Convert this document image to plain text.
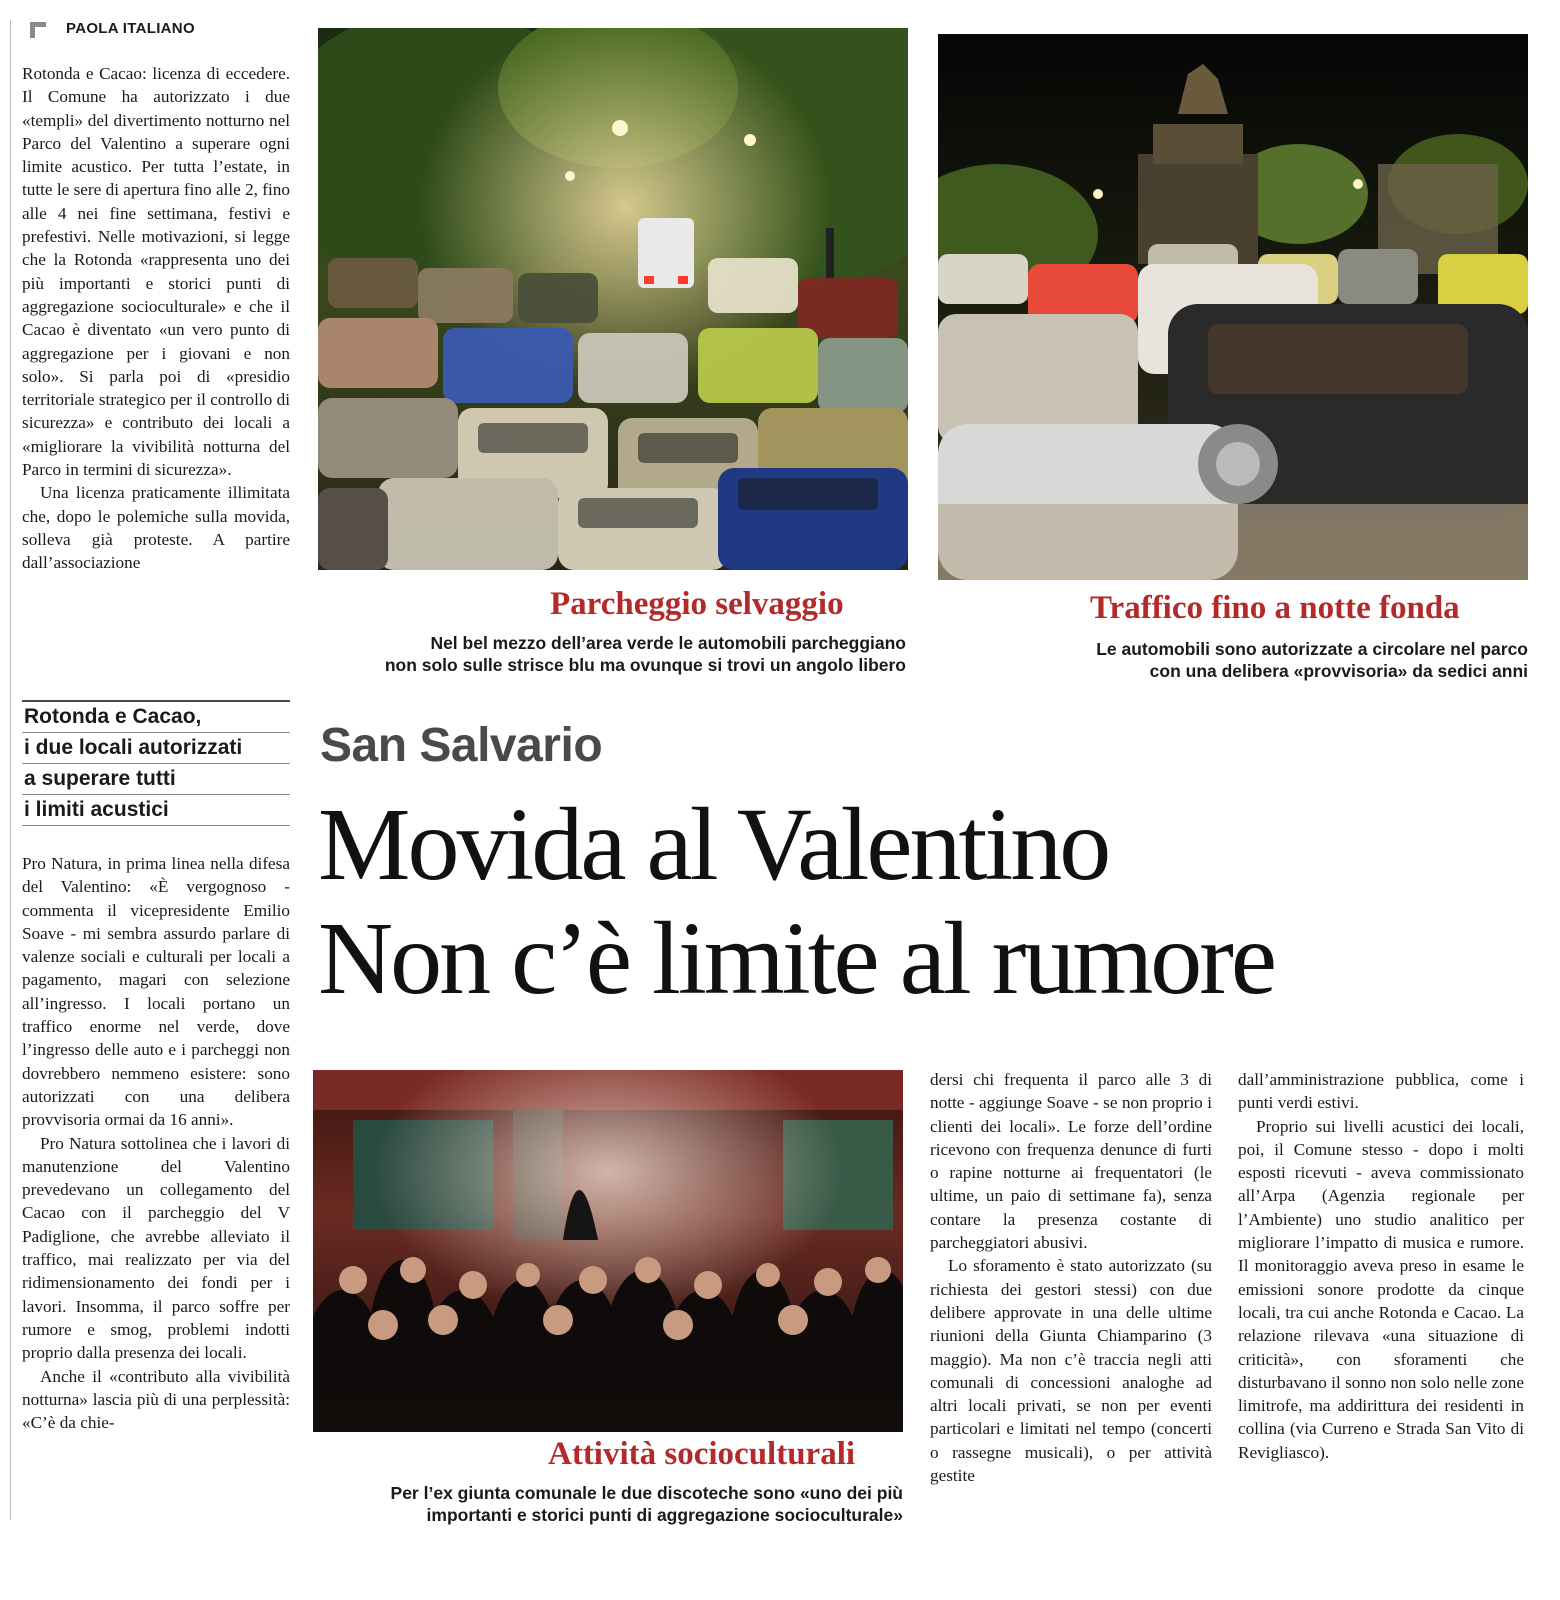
PAOLA ITALIANO

Rotonda e Cacao: licenza di eccedere. Il Comune ha autorizzato i due «templi» del divertimento notturno nel Parco del Valentino a superare ogni limite acustico. Per tutta l’estate, in tutte le sere di apertura fino alle 2, fino alle 4 nei fine settimana, festivi e prefestivi. Nelle motivazioni, si legge che la Rotonda «rappresenta uno dei più importanti e storici punti di aggregazione socioculturale» e che il Cacao è diventato «un vero punto di aggregazione per i giovani e non solo». Si parla poi di «presidio territoriale strategico per il controllo di sicurezza» e contributo dei locali a «migliorare la vivibilità notturna del Parco in termini di sicurezza».

Una licenza praticamente illimitata che, dopo le polemiche sulla movida, solleva già proteste. A partire dall’associazione

Rotonda e Cacao,
i due locali autorizzati
a superare tutti
i limiti acustici

Pro Natura, in prima linea nella difesa del Valentino: «È vergognoso - commenta il vicepresidente Emilio Soave - mi sembra assurdo parlare di valenze sociali e culturali per locali a pagamento, magari con selezione all’ingresso. I locali portano un traffico enorme nel verde, dove l’ingresso delle auto e i parcheggi non dovrebbero nemmeno esistere: sono autorizzati con una delibera provvisoria ormai da 16 anni».

Pro Natura sottolinea che i lavori di manutenzione del Valentino prevedevano un collegamento del Cacao con il parcheggio del V Padiglione, che avrebbe alleviato il traffico, mai realizzato per via del ridimensionamento dei fondi per i lavori. Insomma, il parco soffre per rumore e smog, problemi indotti proprio dalla presenza dei locali.

Anche il «contributo alla vivibilità notturna» lascia più di una perplessità: «C’è da chie-

Parcheggio selvaggio
Nel bel mezzo dell’area verde le automobili parcheggiano
non solo sulle strisce blu ma ovunque si trovi un angolo libero
Traffico fino a notte fonda
Le automobili sono autorizzate a circolare nel parco
con una delibera «provvisoria» da sedici anni
San Salvario
Movida al Valentino
Non c’è limite al rumore
Attività socioculturali
Per l’ex giunta comunale le due discoteche sono «uno dei più
importanti e storici punti di aggregazione socioculturale»

dersi chi frequenta il parco alle 3 di notte - aggiunge Soave - se non proprio i clienti dei locali». Le forze dell’ordine ricevono con frequenza denunce di furti o rapine notturne ai frequentatori (le ultime, un paio di settimane fa), senza contare la presenza costante di parcheggiatori abusivi.

Lo sforamento è stato autorizzato (su richiesta dei gestori stessi) con due delibere approvate in una delle ultime riunioni della Giunta Chiamparino (3 maggio). Ma non c’è traccia negli atti comunali di concessioni analoghe ad altri locali privati, se non per eventi particolari e limitati nel tempo (concerti o rassegne musicali), o per attività gestite

dall’amministrazione pubblica, come i punti verdi estivi.

Proprio sui livelli acustici dei locali, poi, il Comune stesso - dopo i molti esposti ricevuti - aveva commissionato all’Arpa (Agenzia regionale per l’Ambiente) uno studio analitico per migliorare l’impatto di musica e rumore. Il monitoraggio aveva preso in esame le emissioni sonore prodotte da cinque locali, tra cui anche Rotonda e Cacao. La relazione rilevava «una situazione di criticità», con sforamenti che disturbavano il sonno non solo nelle zone limitrofe, ma addirittura dei residenti in collina (via Curreno e Strada San Vito di Revigliasco).
